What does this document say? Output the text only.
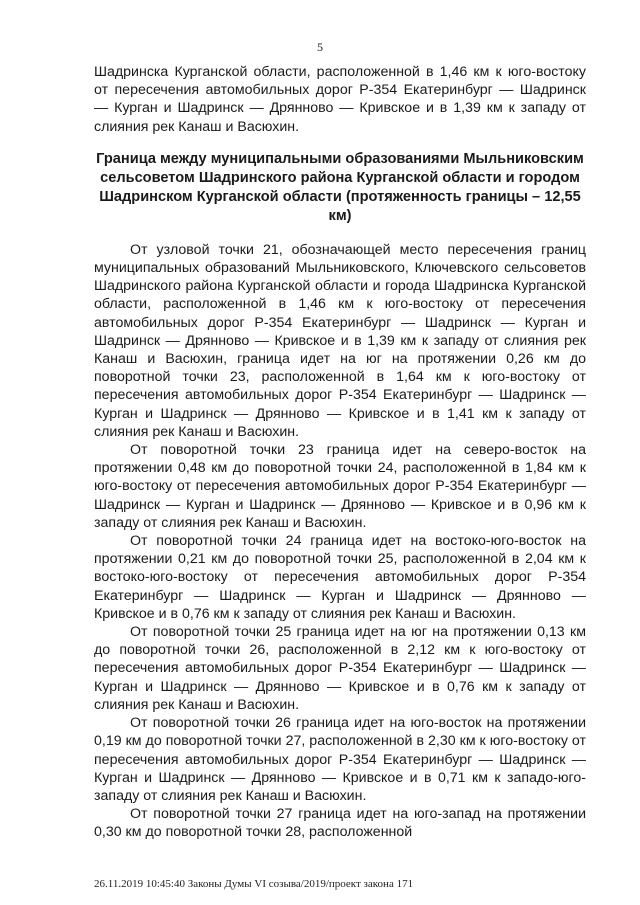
5

Шадринска Курганской области, расположенной в 1,46 км к юго-востоку от пересечения автомобильных дорог Р-354 Екатеринбург — Шадринск — Курган и Шадринск — Дрянново — Кривское и в 1,39 км к западу от слияния рек Канаш и Васюхин.

Граница между муниципальными образованиями Мыльниковским сельсоветом Шадринского района Курганской области и городом Шадринском Курганской области (протяженность границы – 12,55 км)

От узловой точки 21, обозначающей место пересечения границ муниципальных образований Мыльниковского, Ключевского сельсоветов Шадринского района Курганской области и города Шадринска Курганской области, расположенной в 1,46 км к юго-востоку от пересечения автомобильных дорог Р-354 Екатеринбург — Шадринск — Курган и Шадринск — Дрянново — Кривское и в 1,39 км к западу от слияния рек Канаш и Васюхин, граница идет на юг на протяжении 0,26 км до поворотной точки 23, расположенной в 1,64 км к юго-востоку от пересечения автомобильных дорог Р-354 Екатеринбург — Шадринск — Курган и Шадринск — Дрянново — Кривское и в 1,41 км к западу от слияния рек Канаш и Васюхин.

От поворотной точки 23 граница идет на северо-восток на протяжении 0,48 км до поворотной точки 24, расположенной в 1,84 км к юго-востоку от пересечения автомобильных дорог Р-354 Екатеринбург — Шадринск — Курган и Шадринск — Дрянново — Кривское и в 0,96 км к западу от слияния рек Канаш и Васюхин.

От поворотной точки 24 граница идет на востоко-юго-восток на протяжении 0,21 км до поворотной точки 25, расположенной в 2,04 км к востоко-юго-востоку от пересечения автомобильных дорог Р-354 Екатеринбург — Шадринск — Курган и Шадринск — Дрянново — Кривское и в 0,76 км к западу от слияния рек Канаш и Васюхин.

От поворотной точки 25 граница идет на юг на протяжении 0,13 км до поворотной точки 26, расположенной в 2,12 км к юго-востоку от пересечения автомобильных дорог Р-354 Екатеринбург — Шадринск — Курган и Шадринск — Дрянново — Кривское и в 0,76 км к западу от слияния рек Канаш и Васюхин.

От поворотной точки 26 граница идет на юго-восток на протяжении 0,19 км до поворотной точки 27, расположенной в 2,30 км к юго-востоку от пересечения автомобильных дорог Р-354 Екатеринбург — Шадринск — Курган и Шадринск — Дрянново — Кривское и в 0,71 км к западо-юго-западу от слияния рек Канаш и Васюхин.

От поворотной точки 27 граница идет на юго-запад на протяжении 0,30 км до поворотной точки 28, расположенной

26.11.2019 10:45:40 Законы Думы VI созыва/2019/проект закона 171
